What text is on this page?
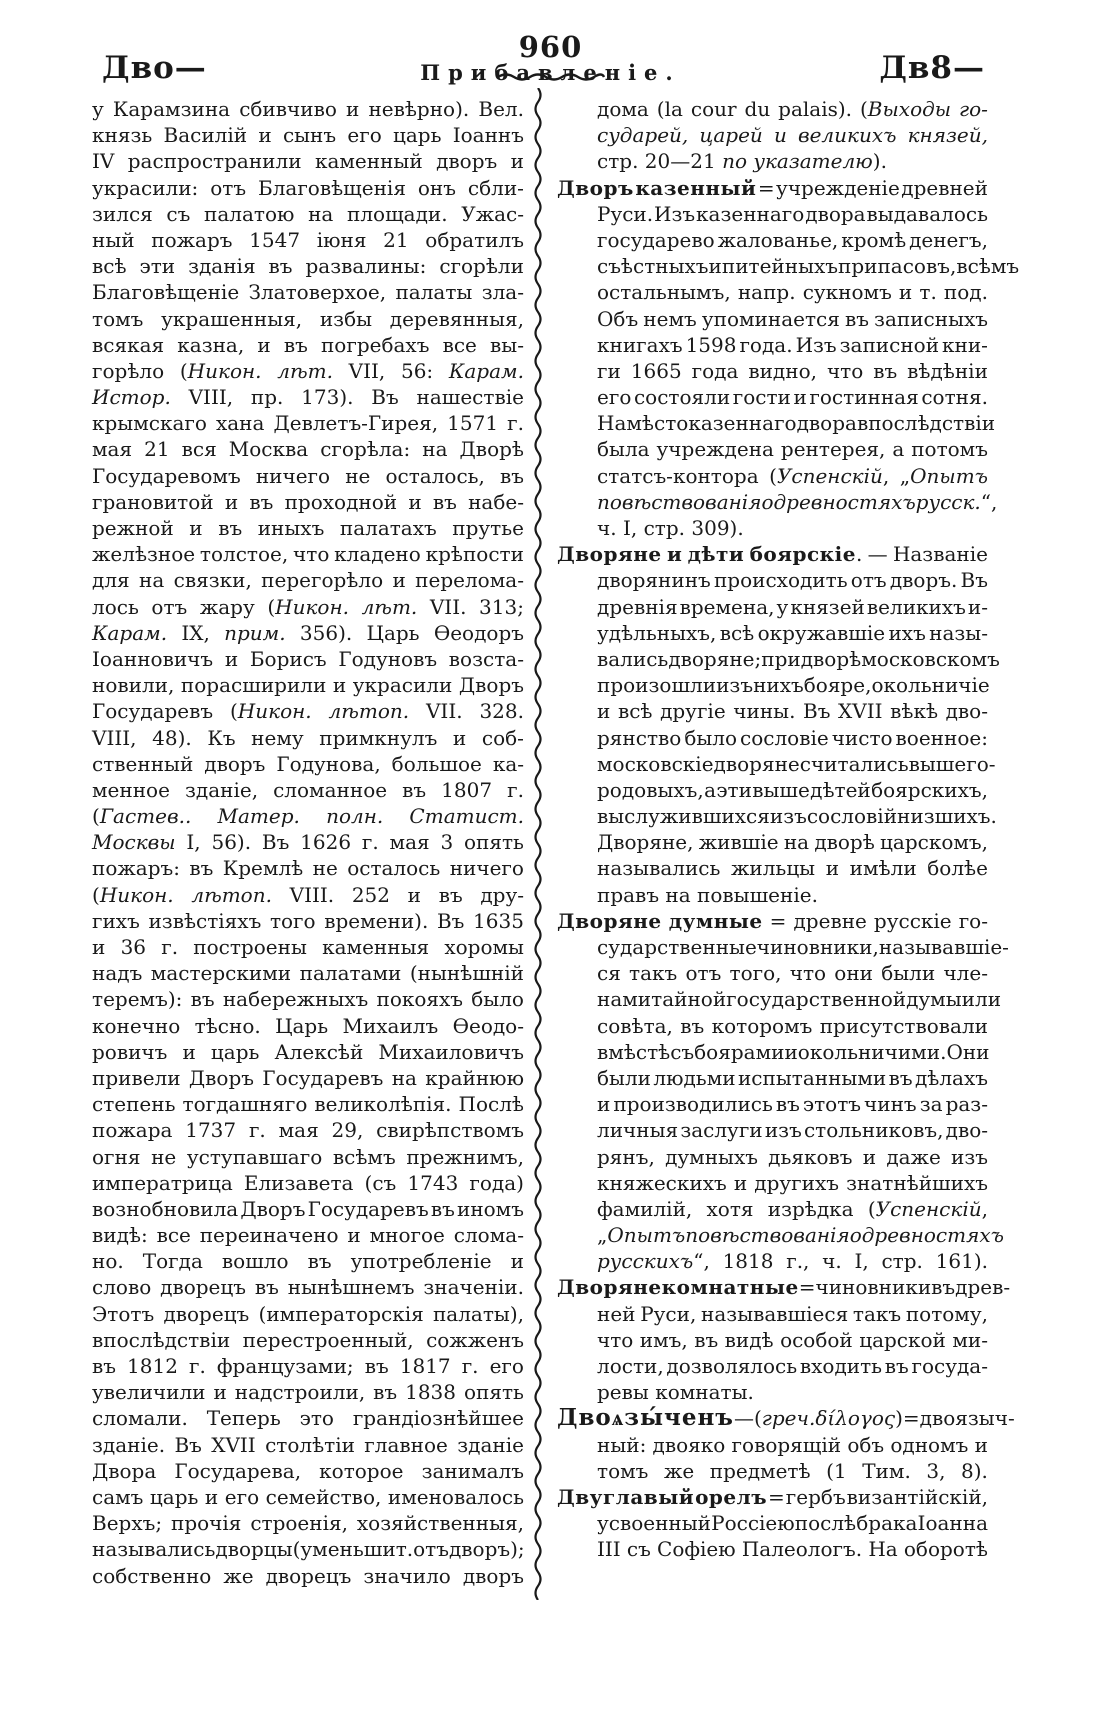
960
Дво—	Прибавленіе.	Дв8—
у Карамзина сбивчиво и невѣрно). Вел.
князь Василій и сынъ его царь Іоаннъ
IV распространили каменный дворъ и
украсили: отъ Благовѣщенія онъ сбли-
зился съ палатою на площади. Ужас-
ный пожаръ 1547 іюня 21 обратилъ
всѣ эти зданія въ развалины: сгорѣли
Благовѣщеніе Златоверхое, палаты зла-
томъ украшенныя, избы деревянныя,
всякая казна, и въ погребахъ все вы-
горѣло (Никон. лѣт. VII, 56: Карам.
Истор. VIII, пр. 173). Въ нашествіе
крымскаго хана Девлетъ-Гирея, 1571 г.
мая 21 вся Москва сгорѣла: на Дворѣ
Государевомъ ничего не осталось, въ
грановитой и въ проходной и въ набе-
режной и въ иныхъ палатахъ прутье
желѣзное толстое, что кладено крѣпости
для на связки, перегорѣло и перелома-
лось отъ жару (Никон. лѣт. VII. 313;
Карам. IX, прим. 356). Царь Ѳеодоръ
Іоанновичъ и Борисъ Годуновъ возста-
новили, порасширили и украсили Дворъ
Государевъ (Никон. лѣтоп. VII. 328.
VIII, 48). Къ нему примкнулъ и соб-
ственный дворъ Годунова, большое ка-
менное зданіе, сломанное въ 1807 г.
(Гастев.. Матер. полн. Статист.
Москвы I, 56). Въ 1626 г. мая 3 опять
пожаръ: въ Кремлѣ не осталось ничего
(Никон. лѣтоп. VIII. 252 и въ дру-
гихъ извѣстіяхъ того времени). Въ 1635
и 36 г. построены каменныя хоромы
надъ мастерскими палатами (нынѣшній
теремъ): въ набережныхъ покояхъ было
конечно тѣсно. Царь Михаилъ Ѳеодо-
ровичъ и царь Алексѣй Михаиловичъ
привели Дворъ Государевъ на крайнюю
степень тогдашняго великолѣпія. Послѣ
пожара 1737 г. мая 29, свирѣпствомъ
огня не уступавшаго всѣмъ прежнимъ,
императрица Елизавета (съ 1743 года)
вознобновила Дворъ Государевъ въ иномъ
видѣ: все переиначено и многое слома-
но. Тогда вошло въ употребленіе и
слово дворецъ въ нынѣшнемъ значеніи.
Этотъ дворецъ (императорскія палаты),
впослѣдствіи перестроенный, сожженъ
въ 1812 г. французами; въ 1817 г. его
увеличили и надстроили, въ 1838 опять
сломали. Теперь это грандіознѣйшее
зданіе. Въ XVII столѣтіи главное зданіе
Двора Государева, которое занималъ
самъ царь и его семейство, именовалось
Верхъ; прочія строенія, хозяйственныя,
назывались дворцы(уменьшит.отъ дворъ);
собственно же дворецъ значило дворъ
дома (la cour du palais). (Выходы го-
сударей, царей и великихъ князей,
стр. 20—21 по указателю).
Дворъ казенный = учрежденіе древней
Руси. Изъ казеннаго двора выдавалось
государево жалованье, кромѣ денегъ,
съѣстныхъ и питейныхъ припасовъ, всѣмъ
остальнымъ, напр. сукномъ и т. под.
Объ немъ упоминается въ записныхъ
книгахъ 1598 года. Изъ записной кни-
ги 1665 года видно, что въ вѣдѣніи
его состояли гости и гостинная сотня.
На мѣсто казеннаго двора впослѣдствіи
была учреждена рентерея, а потомъ
статсъ-контора (Успенскій, „Опытъ
повѣствованія о древностяхъ русск.“,
ч. I, стр. 309).
Дворяне и дѣти боярскіе. — Названіе
дворянинъ происходить отъ дворъ. Въ
древнія времена, у князей великихъ и-
удѣльныхъ, всѣ окружавшіе ихъ назы-
вались дворяне; при дворѣ московскомъ
произошли изъ нихъ бояре, окольничіе
и всѣ другіе чины. Въ XVII вѣкѣ дво-
рянство было сословіе чисто военное:
московскіе дворяне считались выше го-
родовыхъ, а эти выше дѣтей боярскихъ,
выслужившихся изъ сословій низшихъ.
Дворяне, жившіе на дворѣ царскомъ,
назывались жильцы и имѣли болѣе
правъ на повышеніе.
Дворяне думные = древне русскіе го-
сударственные чиновники, называвшіе-
ся такъ отъ того, что они были чле-
нами тайной государственной думы или
совѣта, въ которомъ присутствовали
вмѣстѣ съ боярами и окольничими. Они
были людьми испытанными въ дѣлахъ
и производились въ этотъ чинъ за раз-
личныя заслуги изъ стольниковъ, дво-
рянъ, думныхъ дьяковъ и даже изъ
княжескихъ и другихъ знатнѣйшихъ
фамилій, хотя изрѣдка (Успенскій,
„Опытъ повѣствованія о древностяхъ
русскихъ“, 1818 г., ч. I, стр. 161).
Дворяне комнатные=чиновники въ древ-
ней Руси, называвшіеся такъ потому,
что имъ, въ видѣ особой царской ми-
лости, дозволялось входить въ госуда-
ревы комнаты.
Двоѧзы́ченъ — (греч. δίλογος)=двоязыч-
ный: двояко говорящій объ одномъ и
томъ же предметѣ (1 Тим. 3, 8).
Двуглавый орелъ = гербъ византійскій,
усвоенный Россіею послѣ брака Іоанна
III съ Софіею Палеологъ. На оборотѣ
